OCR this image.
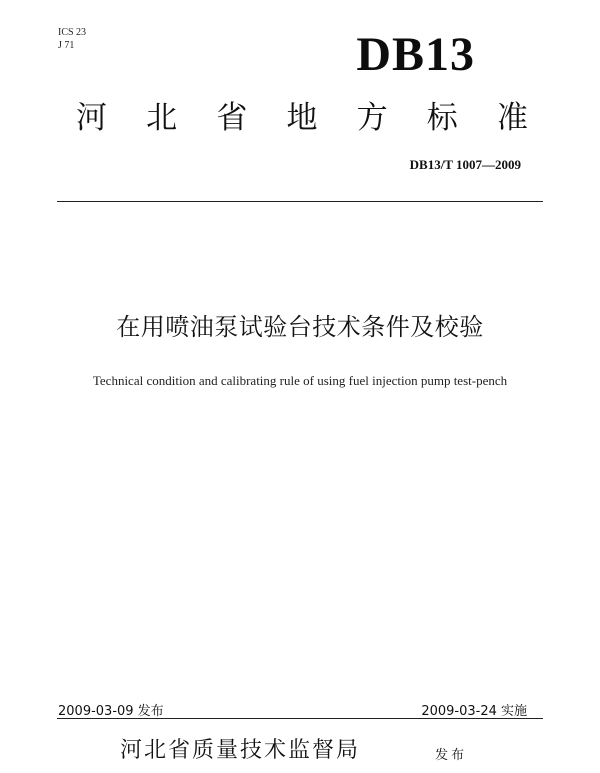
ICS 23
J 71	DB13
河 北 省 地 方 标 准
DB13/T 1007—2009
在用喷油泵试验台技术条件及校验
Technical condition and calibrating rule of using fuel injection pump test-pench
2009-03-09 发布	2009-03-24 实施
河北省质量技术监督局	发布
